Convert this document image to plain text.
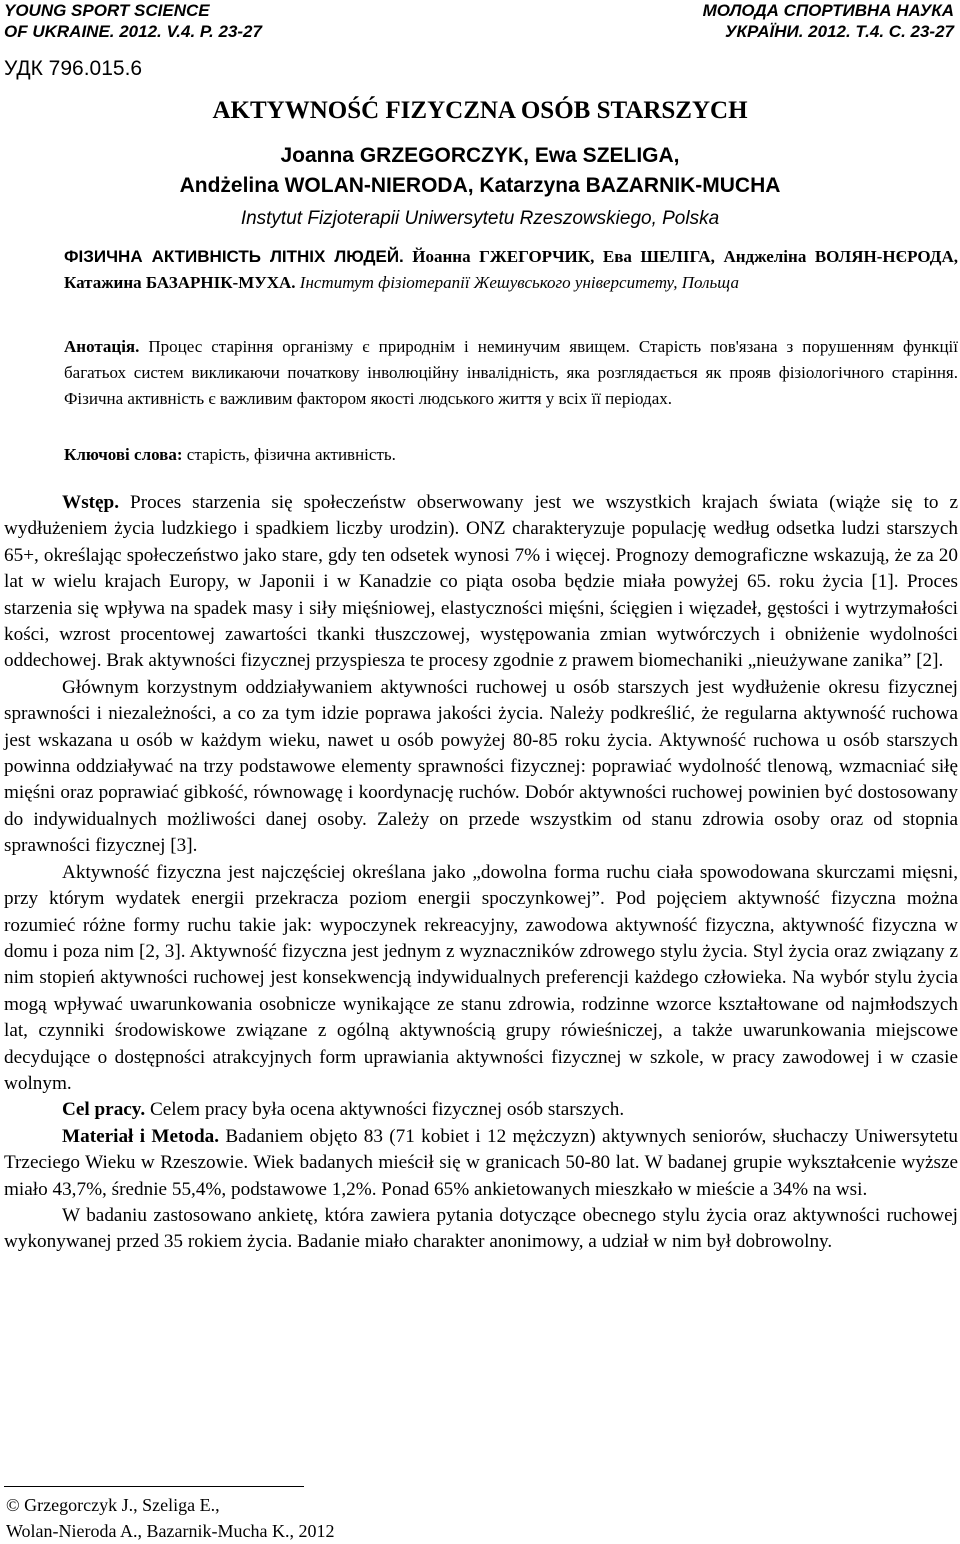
YOUNG SPORT SCIENCE
OF UKRAINE. 2012. V.4. P. 23-27
МОЛОДА СПОРТИВНА НАУКА
УКРАЇНИ. 2012. Т.4. С. 23-27
УДК 796.015.6
AKTYWNOŚĆ FIZYCZNA OSÓB STARSZYCH
Joanna GRZEGORCZYK, Ewa SZELIGA,
Andżelina WOLAN-NIERODA, Katarzyna BAZARNIK-MUCHA
Instytut Fizjoterapii Uniwersytetu Rzeszowskiego, Polska
ФІЗИЧНА АКТИВНІСТЬ ЛІТНІХ ЛЮДЕЙ. Йоанна ГЖЕГОРЧИК, Ева ШЕЛІГА, Анджеліна ВОЛЯН-НЄРОДА, Катажина БАЗАРНІК-МУХА. Інститут фізіотерапії Жешувського університету, Польща
Анотація. Процес старіння організму є природнім і неминучим явищем. Старість пов'язана з порушенням функції багатьох систем викликаючи початкову інволюційну інвалідність, яка розглядається як прояв фізіологічного старіння. Фізична активність є важливим фактором якості людського життя у всіх її періодах.
Ключові слова: старість, фізична активність.

Wstęp. Proces starzenia się społeczeństw obserwowany jest we wszystkich krajach świata (wiąże się to z wydłużeniem życia ludzkiego i spadkiem liczby urodzin). ONZ charakteryzuje populację według odsetka ludzi starszych 65+, określając społeczeństwo jako stare, gdy ten odsetek wynosi 7% i więcej. Prognozy demograficzne wskazują, że za 20 lat w wielu krajach Europy, w Japonii i w Kanadzie co piąta osoba będzie miała powyżej 65. roku życia [1]. Proces starzenia się wpływa na spadek masy i siły mięśniowej, elastyczności mięśni, ścięgien i więzadeł, gęstości i wytrzymałości kości, wzrost procentowej zawartości tkanki tłuszczowej, występowania zmian wytwórczych i obniżenie wydolności oddechowej. Brak aktywności fizycznej przyspiesza te procesy zgodnie z prawem biomechaniki „nieużywane zanika” [2].

Głównym korzystnym oddziaływaniem aktywności ruchowej u osób starszych jest wydłużenie okresu fizycznej sprawności i niezależności, a co za tym idzie poprawa jakości życia. Należy podkreślić, że regularna aktywność ruchowa jest wskazana u osób w każdym wieku, nawet u osób powyżej 80-85 roku życia. Aktywność ruchowa u osób starszych powinna oddziaływać na trzy podstawowe elementy sprawności fizycznej: poprawiać wydolność tlenową, wzmacniać siłę mięśni oraz poprawiać gibkość, równowagę i koordynację ruchów. Dobór aktywności ruchowej powinien być dostosowany do indywidualnych możliwości danej osoby. Zależy on przede wszystkim od stanu zdrowia osoby oraz od stopnia sprawności fizycznej [3].

Aktywność fizyczna jest najczęściej określana jako „dowolna forma ruchu ciała spowodowana skurczami mięsni, przy którym wydatek energii przekracza poziom energii spoczynkowej”. Pod pojęciem aktywność fizyczna można rozumieć różne formy ruchu takie jak: wypoczynek rekreacyjny, zawodowa aktywność fizyczna, aktywność fizyczna w domu i poza nim [2, 3]. Aktywność fizyczna jest jednym z wyznaczników zdrowego stylu życia. Styl życia oraz związany z nim stopień aktywności ruchowej jest konsekwencją indywidualnych preferencji każdego człowieka. Na wybór stylu życia mogą wpływać uwarunkowania osobnicze wynikające ze stanu zdrowia, rodzinne wzorce kształtowane od najmłodszych lat, czynniki środowiskowe związane z ogólną aktywnością grupy rówieśniczej, a także uwarunkowania miejscowe decydujące o dostępności atrakcyjnych form uprawiania aktywności fizycznej w szkole, w pracy zawodowej i w czasie wolnym.

Cel pracy. Celem pracy była ocena aktywności fizycznej osób starszych.

Materiał i Metoda. Badaniem objęto 83 (71 kobiet i 12 mężczyzn) aktywnych seniorów, słuchaczy Uniwersytetu Trzeciego Wieku w Rzeszowie. Wiek badanych mieścił się w granicach 50-80 lat. W badanej grupie wykształcenie wyższe miało 43,7%, średnie 55,4%, podstawowe 1,2%. Ponad 65% ankietowanych mieszkało w mieście a 34% na wsi.

W badaniu zastosowano ankietę, która zawiera pytania dotyczące obecnego stylu życia oraz aktywności ruchowej wykonywanej przed 35 rokiem życia. Badanie miało charakter anonimowy, a udział w nim był dobrowolny.

© Grzegorczyk J., Szeliga E.,
Wolan-Nieroda A., Bazarnik-Mucha K., 2012
